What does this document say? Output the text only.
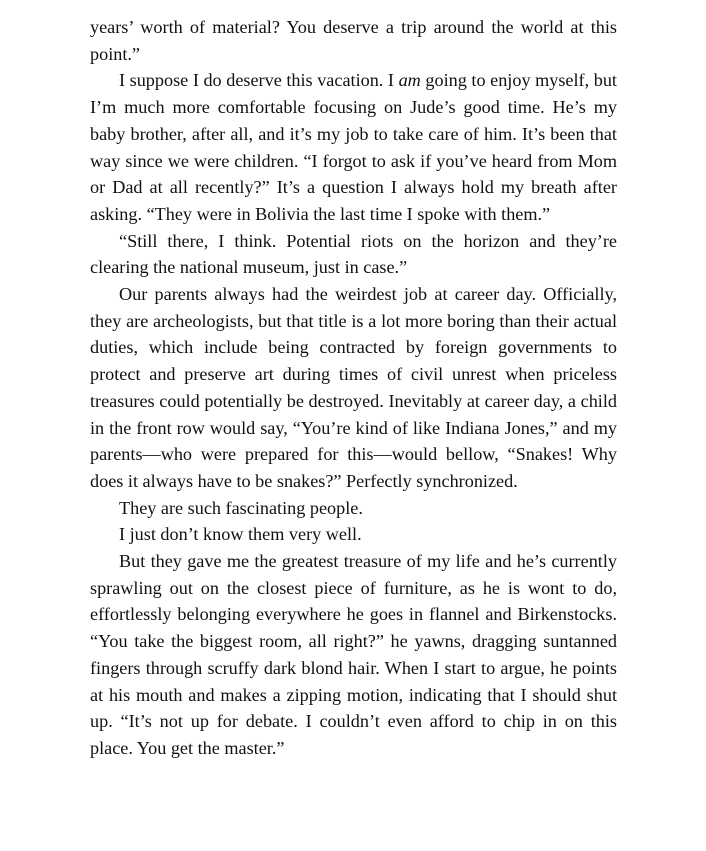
years’ worth of material? You deserve a trip around the world at this point.”

I suppose I do deserve this vacation. I am going to enjoy myself, but I’m much more comfortable focusing on Jude’s good time. He’s my baby brother, after all, and it’s my job to take care of him. It’s been that way since we were children. “I forgot to ask if you’ve heard from Mom or Dad at all recently?” It’s a question I always hold my breath after asking. “They were in Bolivia the last time I spoke with them.”

“Still there, I think. Potential riots on the horizon and they’re clearing the national museum, just in case.”

Our parents always had the weirdest job at career day. Officially, they are archeologists, but that title is a lot more boring than their actual duties, which include being contracted by foreign governments to protect and preserve art during times of civil unrest when priceless treasures could potentially be destroyed. Inevitably at career day, a child in the front row would say, “You’re kind of like Indiana Jones,” and my parents—who were prepared for this—would bellow, “Snakes! Why does it always have to be snakes?” Perfectly synchronized.

They are such fascinating people.

I just don’t know them very well.

But they gave me the greatest treasure of my life and he’s currently sprawling out on the closest piece of furniture, as he is wont to do, effortlessly belonging everywhere he goes in flannel and Birkenstocks. “You take the biggest room, all right?” he yawns, dragging suntanned fingers through scruffy dark blond hair. When I start to argue, he points at his mouth and makes a zipping motion, indicating that I should shut up. “It’s not up for debate. I couldn’t even afford to chip in on this place. You get the master.”
